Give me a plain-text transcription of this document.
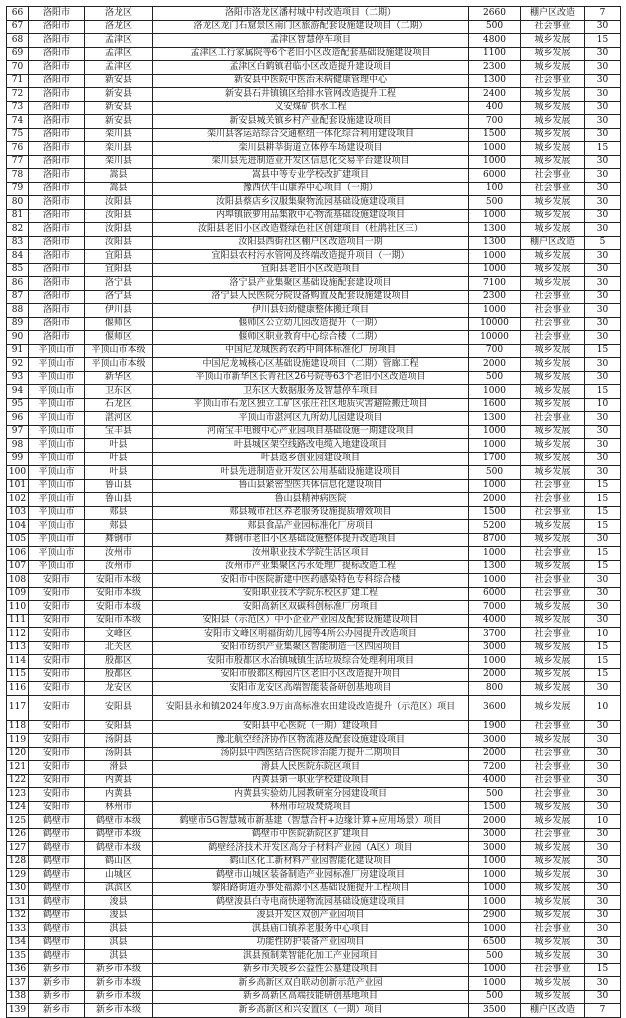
66	洛阳市	洛龙区	洛阳市洛龙区潘村城中村改造项目（二期）	2660	棚户区改造	7
67	洛阳市	洛龙区	洛龙区龙门石窟景区南门区旅游配套设施建设项目（二期）	500	社会事业	30
68	洛阳市	孟津区	孟津区智慧停车项目	4800	城乡发展	15
69	洛阳市	孟津区	孟津区工行家属院等6个老旧小区改造配套基础设施建设项目	1100	城乡发展	30
70	洛阳市	孟津区	孟津区白鹤镇君临小区改造提升建设项目	2300	城乡发展	30
71	洛阳市	新安县	新安县中医院中医治未病健康管理中心	1300	社会事业	30
72	洛阳市	新安县	新安县石井镇镇区给排水管网改造提升工程	2400	城乡发展	30
73	洛阳市	新安县	义安煤矿供水工程	400	城乡发展	30
74	洛阳市	新安县	新安县城关镇乡村产业配套设施建设项目	700	城乡发展	30
75	洛阳市	栾川县	栾川县客运站综合交通枢纽一体化综合利用建设项目	1500	城乡发展	30
76	洛阳市	栾川县	栾川县耕莘街道立体停车场建设项目	1000	城乡发展	15
77	洛阳市	栾川县	栾川县先进制造业开发区信息化交易平台建设项目	1000	城乡发展	30
78	洛阳市	嵩县	嵩县中等专业学校改扩建项目	6000	社会事业	30
79	洛阳市	嵩县	豫西伏牛山康养中心项目（一期）	100	社会事业	30
80	洛阳市	汝阳县	汝阳县蔡店乡汉服集聚物流园基础设施建设项目	500	城乡发展	30
81	洛阳市	汝阳县	内埠镇嵌萝用品集散中心物流基础设施建设项目	1000	城乡发展	30
82	洛阳市	汝阳县	汝阳县老旧小区改造暨绿色社区创建项目（杜鹃社区三）	1300	城乡发展	30
83	洛阳市	汝阳县	汝阳县西街社区棚户区改造项目一期	1300	棚户区改造	5
84	洛阳市	宜阳县	宜阳县农村污水管网及终端改造提升项目（一期）	1000	城乡发展	30
85	洛阳市	宜阳县	宜阳县老旧小区改造项目	1000	城乡发展	30
86	洛阳市	洛宁县	洛宁县产业集聚区基础设施配套建设项目	7100	城乡发展	30
87	洛阳市	洛宁县	洛宁县人民医院分院设备购置及配套设施建设项目	2300	社会事业	30
88	洛阳市	伊川县	伊川县妇幼健康整体搬迁项目	1000	社会事业	30
89	洛阳市	偃师区	偃师区公立幼儿园改造提升（一期）	10000	社会事业	30
90	洛阳市	偃师区	偃师区职业教育中心综合楼（二期）	10000	社会事业	30
91	平顶山市	平顶山市本级	中国尼龙城医药农药中间体标准化厂房项目	700	城乡发展	15
92	平顶山市	平顶山市本级	中国尼龙城核心区基础设施建设项目（二期）管廊工程	2000	城乡发展	30
93	平顶山市	新华区	平顶山市新华区长青社区26号院等63个老旧小区改造项目	500	城乡发展	30
94	平顶山市	卫东区	卫东区大数据服务及智慧停车项目	1000	城乡发展	15
95	平顶山市	石龙区	平顶山市石龙区独立工矿区张庄社区地质灾害避险搬迁项目	1600	城乡发展	10
96	平顶山市	湛河区	平顶山市湛河区九所幼儿园建设项目	1300	社会事业	30
97	平顶山市	宝丰县	河南宝丰电镀中心产业园项目基础设施一期建设项目	1000	城乡发展	30
98	平顶山市	叶县	叶县城区架空线路改电缆入地建设项目	1000	城乡发展	30
99	平顶山市	叶县	叶县返乡创业园建设项目	1700	城乡发展	30
100	平顶山市	叶县	叶县先进制造业开发区公用基础设施建设项目	500	城乡发展	30
101	平顶山市	鲁山县	鲁山县紧密型医共体信息化建设项目	1000	社会事业	15
102	平顶山市	鲁山县	鲁山县精神病医院	2000	社会事业	15
103	平顶山市	郏县	郏县城市社区养老服务设施提质增效项目	1500	社会事业	15
104	平顶山市	郏县	郏县食品产业园标准化厂房项目	5200	城乡发展	15
105	平顶山市	舞钢市	舞钢市老旧小区基础设施整体提升改造项目	8700	城乡发展	30
106	平顶山市	汝州市	汝州职业技术学院生活区项目	1000	社会事业	15
107	平顶山市	汝州市	汝州市产业集聚区污水处理厂提标改造工程	1300	城乡发展	15
108	安阳市	安阳市本级	安阳市中医院新建中医药感染特色专科综合楼	1000	社会事业	30
109	安阳市	安阳市本级	安阳职业技术学院东校区扩建工程	6000	社会事业	30
110	安阳市	安阳市本级	安阳高新区双碳科创标准厂房项目	7000	城乡发展	30
111	安阳市	安阳市本级	安阳县（示范区）中小企业产业园及配套设施建设项目	4000	城乡发展	30
112	安阳市	文峰区	安阳市文峰区明福街幼儿园等4所公办园提升改造项目	3700	社会事业	10
113	安阳市	北关区	安阳市纺织产业集聚区智能制造一区四园项目	3000	城乡发展	15
114	安阳市	殷都区	安阳市殷都区水冶镇城镇生活垃圾综合处理利用项目	1000	城乡发展	15
115	安阳市	殷都区	安阳市殷都区梅园片区老旧小区改造提升项目	2000	城乡发展	15
116	安阳市	龙安区	安阳市龙安区高端智能装备研创基地项目	800	城乡发展	30
117	安阳市	安阳县	安阳县永和镇2024年度3.9万亩高标准农田建设改造提升（示范区）项目	3600	城乡发展	10
118	安阳市	安阳县	安阳县中心医院（一期）建设项目	1900	社会事业	30
119	安阳市	汤阴县	豫北航空经济协作区物流港及配套设施建设项目	3000	城乡发展	30
120	安阳市	汤阴县	汤阴县中西医结合医院诊治能力提升二期项目	2000	社会事业	30
121	安阳市	滑县	滑县人民医院东院区项目	7200	社会事业	30
122	安阳市	内黄县	内黄县第一职业学校建设项目	4000	社会事业	30
123	安阳市	内黄县	内黄县实验幼儿园教研室分园建设项目	500	社会事业	30
124	安阳市	林州市	林州市垃圾焚烧项目	1500	城乡发展	30
125	鹤壁市	鹤壁市本级	鹤壁市5G智慧城市新基建（智慧合杆+边缘计算+应用场景）项目	2000	城乡发展	10
126	鹤壁市	鹤壁市本级	鹤壁市中医院新院区扩建项目	3000	社会事业	30
127	鹤壁市	鹤壁市本级	鹤壁经济技术开发区高分子材料产业园（A区）项目	3000	城乡发展	30
128	鹤壁市	鹤山区	鹤山区化工新材料产业园智能化建设项目	1000	城乡发展	30
129	鹤壁市	山城区	鹤壁市山城区装备制造产业园标准厂房建设项目	1000	城乡发展	30
130	鹤壁市	淇滨区	黎阳路街道办事处福源小区基础设施提升工程项目	1000	城乡发展	30
131	鹤壁市	浚县	鹤壁浚县白寺电商快递物流园基础设施建设项目	1000	城乡发展	30
132	鹤壁市	浚县	浚县开发区双创产业园项目	2900	城乡发展	30
133	鹤壁市	淇县	淇县庙口镇养老服务中心项目	1000	社会事业	30
134	鹤壁市	淇县	功能性防护装备产业园项目	6500	城乡发展	30
135	鹤壁市	淇县	淇县预制菜智能化加工产业园项目	500	城乡发展	30
136	新乡市	新乡市本级	新乡市关坡乡公益性公墓建设项目	1000	社会事业	15
137	新乡市	新乡市本级	新乡高新区双自联动创新示范产业园	1000	城乡发展	30
138	新乡市	新乡市本级	新乡高新区高端技能研创基地项目	500	城乡发展	30
139	新乡市	新乡市本级	新乡高新区和兴安置区（一期）项目	3500	棚户区改造	7
